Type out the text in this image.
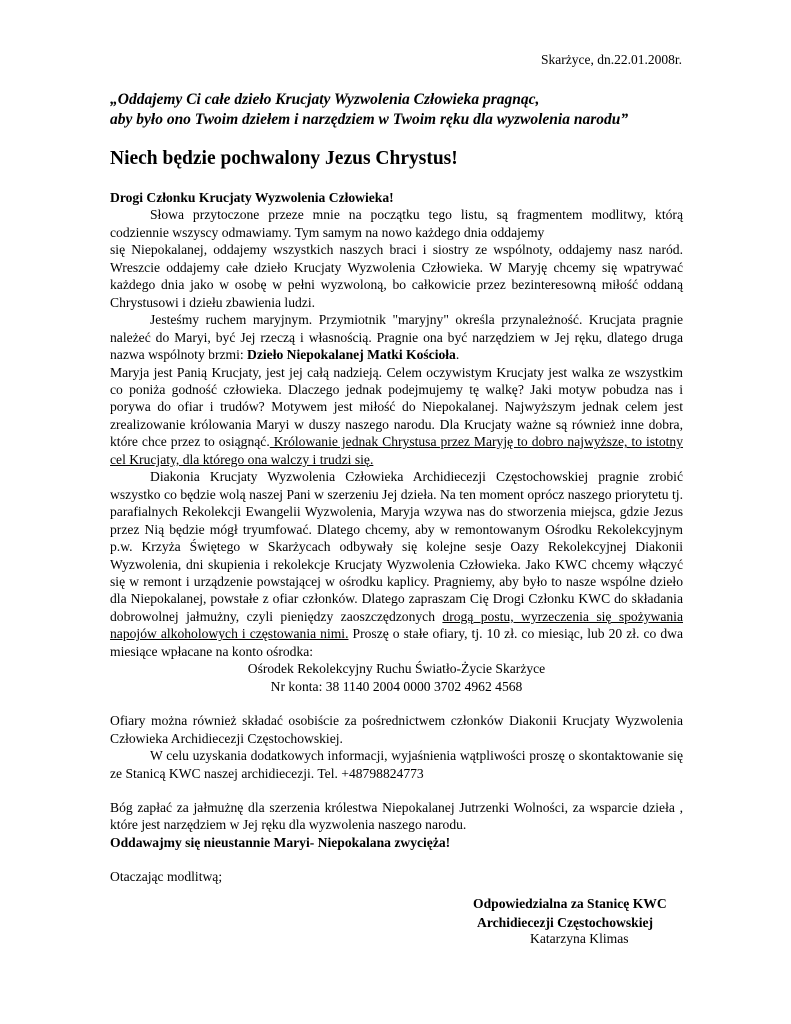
Skarżyce, dn.22.01.2008r.
„Oddajemy Ci całe dzieło Krucjaty Wyzwolenia Człowieka pragnąc,
aby było ono Twoim dziełem i narzędziem w Twoim ręku dla wyzwolenia narodu”
Niech będzie pochwalony Jezus Chrystus!

Drogi Członku Krucjaty Wyzwolenia Człowieka!

Słowa przytoczone przeze mnie na początku tego listu, są fragmentem modlitwy, którą codziennie wszyscy odmawiamy. Tym samym na nowo każdego dnia oddajemy

się Niepokalanej, oddajemy wszystkich naszych braci i siostry ze wspólnoty, oddajemy nasz naród. Wreszcie oddajemy całe dzieło Krucjaty Wyzwolenia Człowieka. W Maryję chcemy się wpatrywać każdego dnia jako w osobę w pełni wyzwoloną, bo całkowicie przez bezinteresowną miłość oddaną Chrystusowi i dziełu zbawienia ludzi.

Jesteśmy ruchem maryjnym. Przymiotnik "maryjny" określa przynależność. Krucjata pragnie należeć do Maryi, być Jej rzeczą i własnością. Pragnie ona być narzędziem w Jej ręku, dlatego druga nazwa wspólnoty brzmi: Dzieło Niepokalanej Matki Kościoła.

Maryja jest Panią Krucjaty, jest jej całą nadzieją. Celem oczywistym Krucjaty jest walka ze wszystkim co poniża godność człowieka. Dlaczego jednak podejmujemy tę walkę? Jaki motyw pobudza nas i porywa do ofiar i trudów? Motywem jest miłość do Niepokalanej. Najwyższym jednak celem jest zrealizowanie królowania Maryi w duszy naszego narodu. Dla Krucjaty ważne są również inne dobra, które chce przez to osiągnąć. Królowanie jednak Chrystusa przez Maryję to dobro najwyższe, to istotny cel Krucjaty, dla którego ona walczy i trudzi się.

Diakonia Krucjaty Wyzwolenia Człowieka Archidiecezji Częstochowskiej pragnie zrobić wszystko co będzie wolą naszej Pani w szerzeniu Jej dzieła. Na ten moment oprócz naszego priorytetu tj. parafialnych Rekolekcji Ewangelii Wyzwolenia, Maryja wzywa nas do stworzenia miejsca, gdzie Jezus przez Nią będzie mógł tryumfować. Dlatego chcemy, aby w remontowanym Ośrodku Rekolekcyjnym p.w. Krzyża Świętego w Skarżycach odbywały się kolejne sesje Oazy Rekolekcyjnej Diakonii Wyzwolenia, dni skupienia i rekolekcje Krucjaty Wyzwolenia Człowieka. Jako KWC chcemy włączyć się w remont i urządzenie powstającej w ośrodku kaplicy. Pragniemy, aby było to nasze wspólne dzieło dla Niepokalanej, powstałe z ofiar członków. Dlatego zapraszam Cię Drogi Członku KWC do składania dobrowolnej jałmużny, czyli pieniędzy zaoszczędzonych drogą postu, wyrzeczenia się spożywania napojów alkoholowych i częstowania nimi. Proszę o stałe ofiary, tj. 10 zł. co miesiąc, lub 20 zł. co dwa miesiące wpłacane na konto ośrodka:

Ośrodek Rekolekcyjny Ruchu Światło-Życie Skarżyce

Nr konta: 38 1140 2004 0000 3702 4962 4568

Ofiary można również składać osobiście za pośrednictwem członków Diakonii Krucjaty Wyzwolenia Człowieka Archidiecezji Częstochowskiej.

W celu uzyskania dodatkowych informacji, wyjaśnienia wątpliwości proszę o skontaktowanie się ze Stanicą KWC naszej archidiecezji. Tel. +48798824773

Bóg zapłać za jałmużnę dla szerzenia królestwa Niepokalanej Jutrzenki Wolności, za wsparcie dzieła , które jest narzędziem w Jej ręku dla wyzwolenia naszego narodu.

Oddawajmy się nieustannie Maryi- Niepokalana zwycięża!

Otaczając modlitwą;

Odpowiedzialna za Stanicę KWC
Archidiecezji Częstochowskiej
Katarzyna Klimas
